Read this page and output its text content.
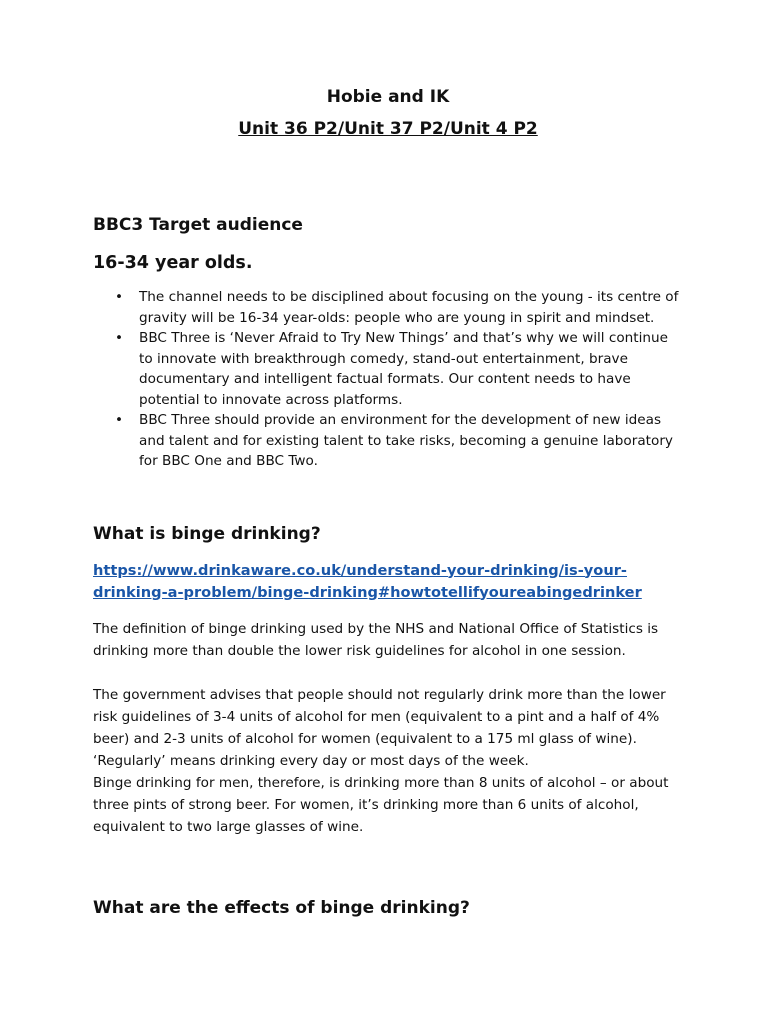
Hobie and IK

Unit 36 P2/Unit 37 P2/Unit 4 P2

BBC3 Target audience

16-34 year olds.

• The channel needs to be disciplined about focusing on the young - its centre of gravity will be 16-34 year-olds: people who are young in spirit and mindset.
• BBC Three is ‘Never Afraid to Try New Things’ and that’s why we will continue to innovate with breakthrough comedy, stand-out entertainment, brave documentary and intelligent factual formats. Our content needs to have potential to innovate across platforms.
• BBC Three should provide an environment for the development of new ideas and talent and for existing talent to take risks, becoming a genuine laboratory for BBC One and BBC Two.

What is binge drinking?

https://www.drinkaware.co.uk/understand-your-drinking/is-your-

drinking-a-problem/binge-drinking#howtotellifyoureabingedrinker

The definition of binge drinking used by the NHS and National Office of Statistics is drinking more than double the lower risk guidelines for alcohol in one session.

The government advises that people should not regularly drink more than the lower risk guidelines of 3-4 units of alcohol for men (equivalent to a pint and a half of 4% beer) and 2-3 units of alcohol for women (equivalent to a 175 ml glass of wine). ‘Regularly’ means drinking every day or most days of the week.

Binge drinking for men, therefore, is drinking more than 8 units of alcohol – or about three pints of strong beer. For women, it’s drinking more than 6 units of alcohol, equivalent to two large glasses of wine.

What are the effects of binge drinking?
